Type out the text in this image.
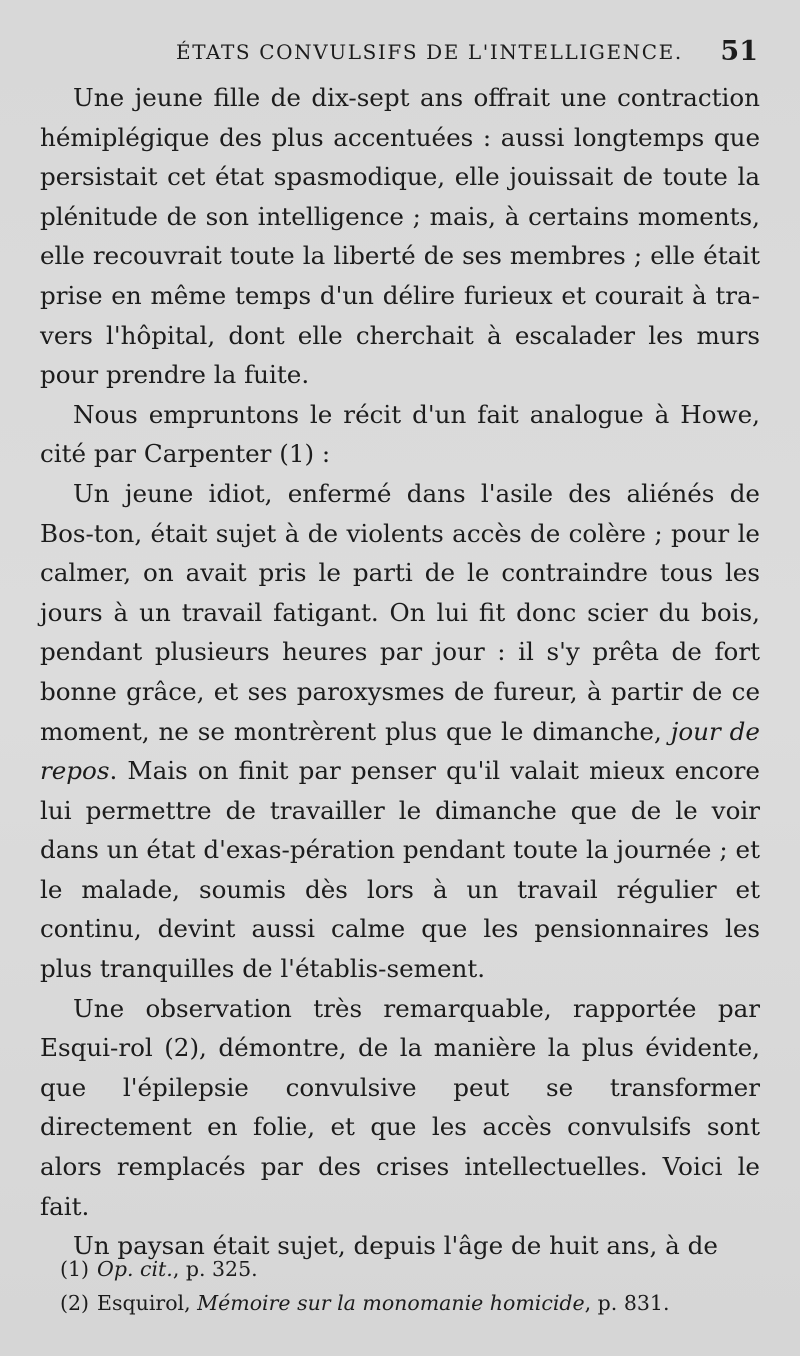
ÉTATS CONVULSIFS DE L'INTELLIGENCE. 51

Une jeune fille de dix-sept ans offrait une contraction hémiplégique des plus accentuées : aussi longtemps que persistait cet état spasmodique, elle jouissait de toute la plénitude de son intelligence ; mais, à certains moments, elle recouvrait toute la liberté de ses membres ; elle était prise en même temps d'un délire furieux et courait à tra-vers l'hôpital, dont elle cherchait à escalader les murs pour prendre la fuite.

Nous empruntons le récit d'un fait analogue à Howe, cité par Carpenter (1) :

Un jeune idiot, enfermé dans l'asile des aliénés de Bos-ton, était sujet à de violents accès de colère ; pour le calmer, on avait pris le parti de le contraindre tous les jours à un travail fatigant. On lui fit donc scier du bois, pendant plusieurs heures par jour : il s'y prêta de fort bonne grâce, et ses paroxysmes de fureur, à partir de ce moment, ne se montrèrent plus que le dimanche, jour de repos. Mais on finit par penser qu'il valait mieux encore lui permettre de travailler le dimanche que de le voir dans un état d'exas-pération pendant toute la journée ; et le malade, soumis dès lors à un travail régulier et continu, devint aussi calme que les pensionnaires les plus tranquilles de l'établis-sement.

Une observation très remarquable, rapportée par Esqui-rol (2), démontre, de la manière la plus évidente, que l'épilepsie convulsive peut se transformer directement en folie, et que les accès convulsifs sont alors remplacés par des crises intellectuelles. Voici le fait.

Un paysan était sujet, depuis l'âge de huit ans, à de

(1) Op. cit., p. 325.

(2) Esquirol, Mémoire sur la monomanie homicide, p. 831.
